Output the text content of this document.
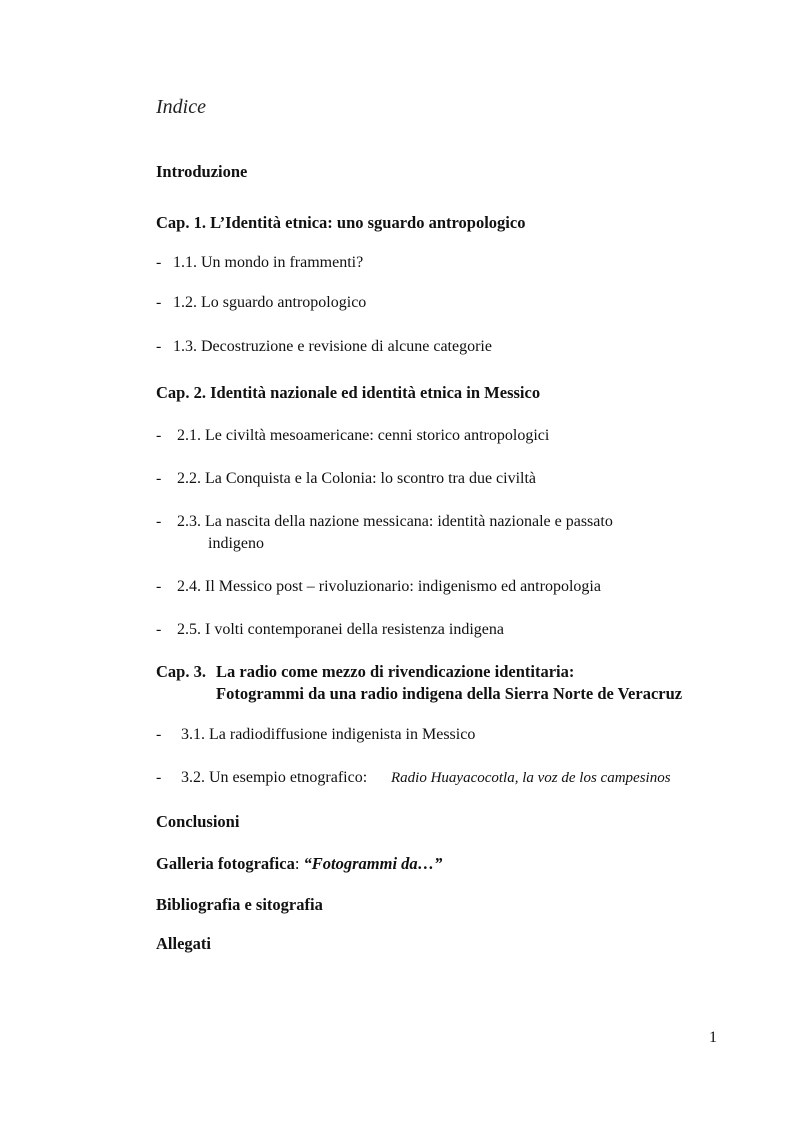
Indice
Introduzione
Cap. 1. L’Identità etnica: uno sguardo antropologico
- 1.1. Un mondo in frammenti?
- 1.2. Lo sguardo antropologico
- 1.3. Decostruzione e revisione di alcune categorie
Cap. 2. Identità nazionale ed identità etnica in Messico
- 2.1. Le civiltà mesoamericane: cenni storico antropologici
- 2.2. La Conquista e la Colonia: lo scontro tra due civiltà
- 2.3. La nascita della nazione messicana: identità nazionale e passato
indigeno
- 2.4. Il Messico post – rivoluzionario: indigenismo ed antropologia
- 2.5. I volti contemporanei della resistenza indigena
Cap. 3. La radio come mezzo di rivendicazione identitaria:
Fotogrammi da una radio indigena della Sierra Norte de Veracruz
- 3.1. La radiodiffusione indigenista in Messico
- 3.2. Un esempio etnografico: Radio Huayacocotla, la voz de los campesinos
Conclusioni
Galleria fotografica: “Fotogrammi da…”
Bibliografia e sitografia
Allegati
1
